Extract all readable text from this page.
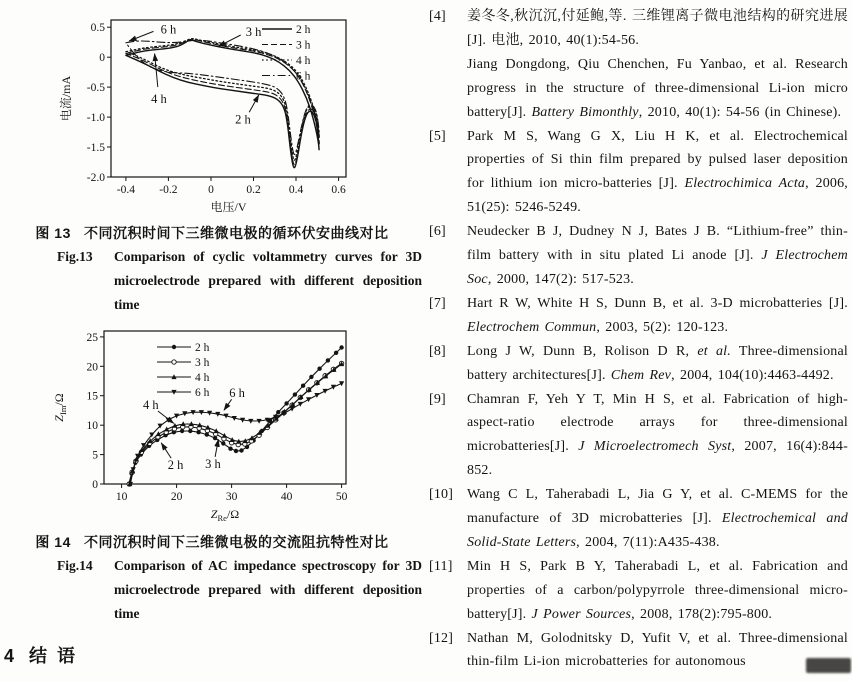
-0.4 -0.2	0	0.2 0.4 0.6
0.5
0
-0.5
-1.0
-1.5
-2.0
电压/V
电流/mA
6 h	3 h
4 h
2 h
2 h
3 h
4 h
6 h
图 13   不同沉积时间下三维微电极的循环伏安曲线对比
Fig.13	Comparison of cyclic voltammetry curves for 3D microelectrode prepared with different deposition time
10	20	30	40	50
0
5
10
15
20
25
$Z_{Re}/\Omega$
$Z_{Im}/\Omega$	4 h
6 h
2 h 3 h
2 h
3 h
4 h
6 h
图 14   不同沉积时间下三维微电极的交流阻抗特性对比
Fig.14	Comparison of AC impedance spectroscopy for 3D microelectrode prepared with different deposition time
4   结  语
[4] 姜冬冬,秋沉沉,付延鲍,等. 三维锂离子微电池结构的研究进展[J]. 电池, 2010, 40(1):54-56.
Jiang Dongdong, Qiu Chenchen, Fu Yanbao, et al. Research progress in the structure of three-dimensional Li-ion micro battery[J]. Battery Bimonthly, 2010, 40(1): 54-56 (in Chinese).
[5] Park M S, Wang G X, Liu H K, et al. Electrochemical properties of Si thin film prepared by pulsed laser deposition for lithium ion micro-batteries [J]. Electrochimica Acta, 2006, 51(25): 5246-5249.
[6] Neudecker B J, Dudney N J, Bates J B. “Lithium-free” thin-film battery with in situ plated Li anode [J]. J Electrochem Soc, 2000, 147(2): 517-523.
[7] Hart R W, White H S, Dunn B, et al. 3-D microbatteries [J]. Electrochem Commun, 2003, 5(2): 120-123.
[8] Long J W, Dunn B, Rolison D R, et al. Three-dimensional battery architectures[J]. Chem Rev, 2004, 104(10):4463-4492.
[9] Chamran F, Yeh Y T, Min H S, et al. Fabrication of high-aspect-ratio electrode arrays for three-dimensional microbatteries[J]. J Microelectromech Syst, 2007, 16(4):844-852.
[10] Wang C L, Taherabadi L, Jia G Y, et al. C-MEMS for the manufacture of 3D microbatteries [J]. Electrochemical and Solid-State Letters, 2004, 7(11):A435-438.
[11] Min H S, Park B Y, Taherabadi L, et al. Fabrication and properties of a carbon/polypyrrole three-dimensional micro-battery[J]. J Power Sources, 2008, 178(2):795-800.
[12] Nathan M, Golodnitsky D, Yufit V, et al. Three-dimensional thin-film Li-ion microbatteries for autonomous
